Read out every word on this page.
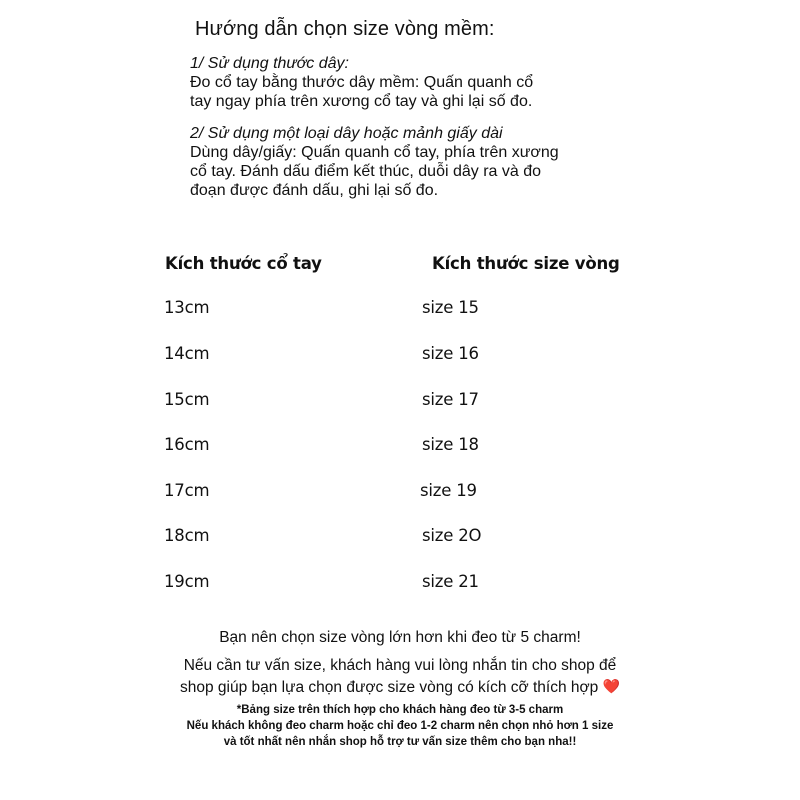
Hướng dẫn chọn size vòng mềm:
1/ Sử dụng thước dây:
Đo cổ tay bằng thước dây mềm: Quấn quanh cổ
tay ngay phía trên xương cổ tay và ghi lại số đo.
2/ Sử dụng một loại dây hoặc mảnh giấy dài
Dùng dây/giấy: Quấn quanh cổ tay, phía trên xương
cổ tay. Đánh dấu điểm kết thúc, duỗi dây ra và đo
đoạn được đánh dấu, ghi lại số đo.
Kích thước cổ tay	Kích thước size vòng
13cm	size 15
14cm	size 16
15cm	size 17
16cm	size 18
17cm	size 19
18cm	size 2O
19cm	size 21
Bạn nên chọn size vòng lớn hơn khi đeo từ 5 charm!
Nếu cần tư vấn size, khách hàng vui lòng nhắn tin cho shop để
shop giúp bạn lựa chọn được size vòng có kích cỡ thích hợp ❤️
*Bảng size trên thích hợp cho khách hàng đeo từ 3-5 charm
Nếu khách không đeo charm hoặc chỉ đeo 1-2 charm nên chọn nhỏ hơn 1 size
và tốt nhất nên nhắn shop hỗ trợ tư vấn size thêm cho bạn nha!!
